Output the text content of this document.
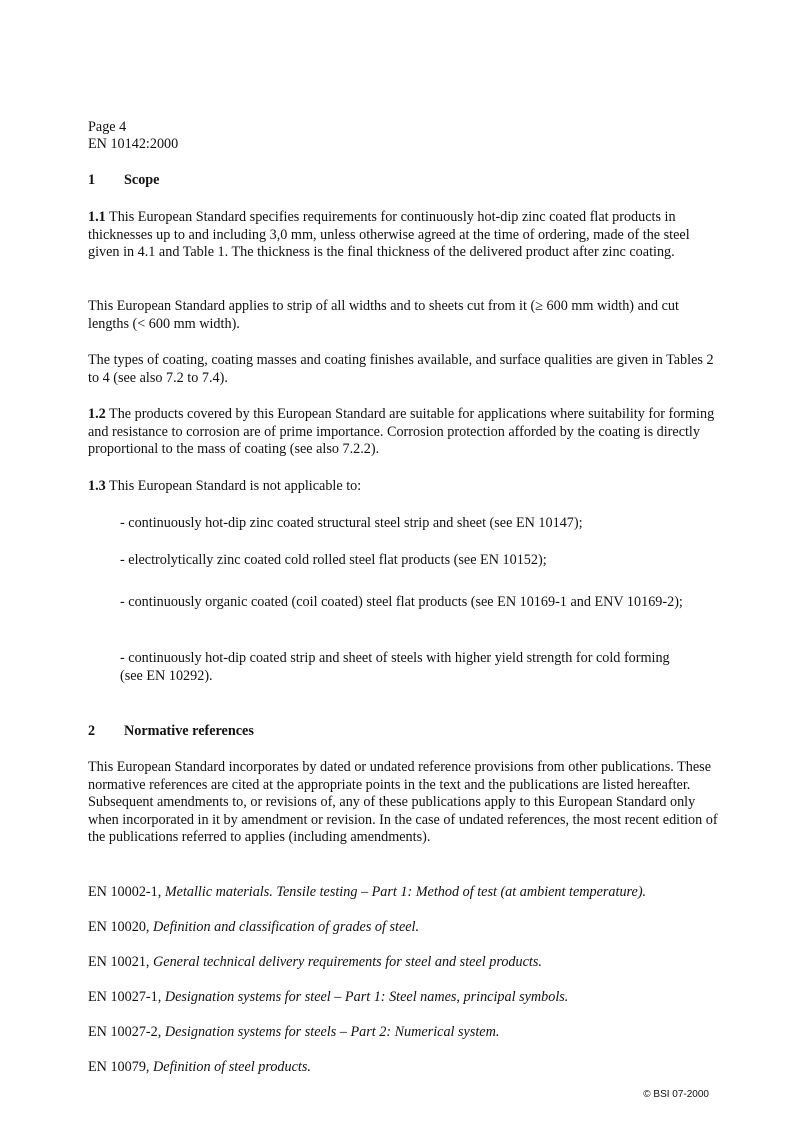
Page 4
EN 10142:2000
1 Scope
1.1 This European Standard specifies requirements for continuously hot-dip zinc coated flat products in thicknesses up to and including 3,0 mm, unless otherwise agreed at the time of ordering, made of the steel given in 4.1 and Table 1. The thickness is the final thickness of the delivered product after zinc coating.
This European Standard applies to strip of all widths and to sheets cut from it (≥ 600 mm width) and cut lengths (< 600 mm width).
The types of coating, coating masses and coating finishes available, and surface qualities are given in Tables 2 to 4 (see also 7.2 to 7.4).
1.2 The products covered by this European Standard are suitable for applications where suitability for forming and resistance to corrosion are of prime importance. Corrosion protection afforded by the coating is directly proportional to the mass of coating (see also 7.2.2).
1.3 This European Standard is not applicable to:
- continuously hot-dip zinc coated structural steel strip and sheet (see EN 10147);
- electrolytically zinc coated cold rolled steel flat products (see EN 10152);
- continuously organic coated (coil coated) steel flat products (see EN 10169-1 and ENV 10169-2);
- continuously hot-dip coated strip and sheet of steels with higher yield strength for cold forming (see EN 10292).
2 Normative references
This European Standard incorporates by dated or undated reference provisions from other publications. These normative references are cited at the appropriate points in the text and the publications are listed hereafter. Subsequent amendments to, or revisions of, any of these publications apply to this European Standard only when incorporated in it by amendment or revision. In the case of undated references, the most recent edition of the publications referred to applies (including amendments).
EN 10002-1, Metallic materials. Tensile testing – Part 1: Method of test (at ambient temperature).
EN 10020, Definition and classification of grades of steel.
EN 10021, General technical delivery requirements for steel and steel products.
EN 10027-1, Designation systems for steel – Part 1: Steel names, principal symbols.
EN 10027-2, Designation systems for steels – Part 2: Numerical system.
EN 10079, Definition of steel products.
© BSI 07-2000
